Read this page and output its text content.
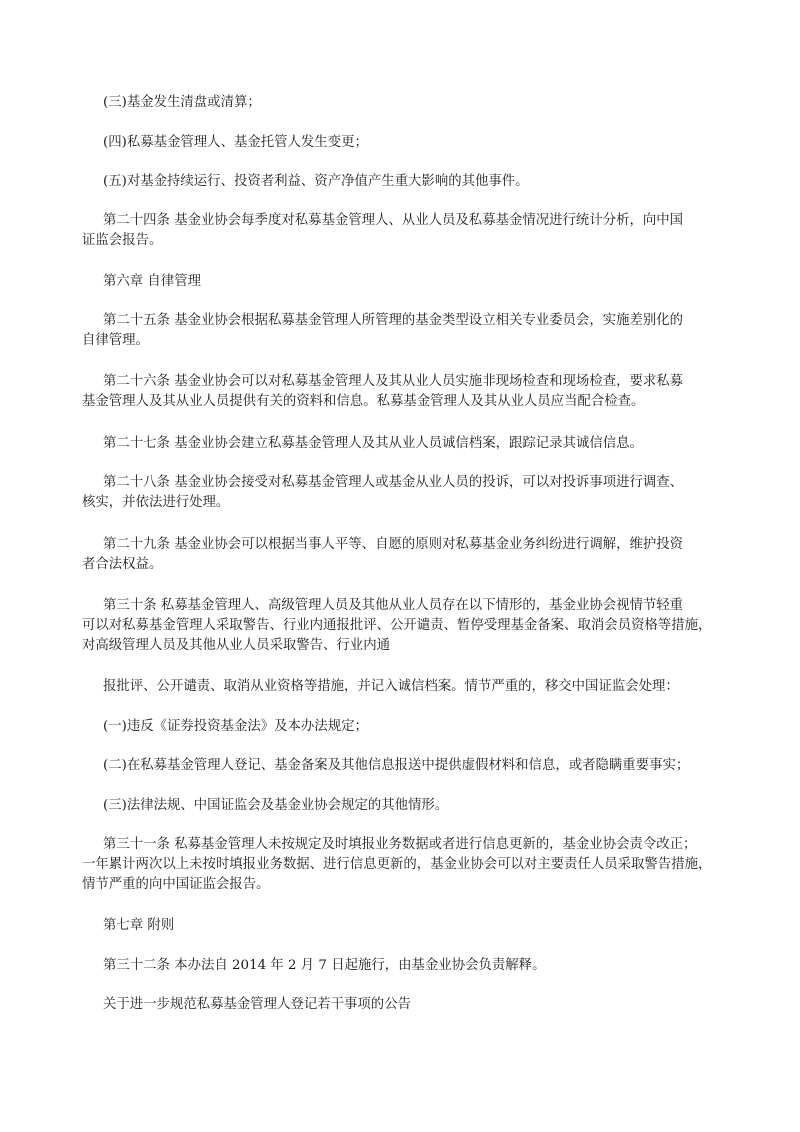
(三)基金发生清盘或清算；
(四)私募基金管理人、基金托管人发生变更；
(五)对基金持续运行、投资者利益、资产净值产生重大影响的其他事件。
第二十四条 基金业协会每季度对私募基金管理人、从业人员及私募基金情况进行统计分析，向中国
证监会报告。
第六章 自律管理
第二十五条 基金业协会根据私募基金管理人所管理的基金类型设立相关专业委员会，实施差别化的
自律管理。
第二十六条 基金业协会可以对私募基金管理人及其从业人员实施非现场检查和现场检查，要求私募
基金管理人及其从业人员提供有关的资料和信息。私募基金管理人及其从业人员应当配合检查。
第二十七条 基金业协会建立私募基金管理人及其从业人员诚信档案，跟踪记录其诚信信息。
第二十八条 基金业协会接受对私募基金管理人或基金从业人员的投诉，可以对投诉事项进行调查、
核实，并依法进行处理。
第二十九条 基金业协会可以根据当事人平等、自愿的原则对私募基金业务纠纷进行调解，维护投资
者合法权益。
第三十条 私募基金管理人、高级管理人员及其他从业人员存在以下情形的，基金业协会视情节轻重
可以对私募基金管理人采取警告、行业内通报批评、公开谴责、暂停受理基金备案、取消会员资格等措施，
对高级管理人员及其他从业人员采取警告、行业内通
报批评、公开谴责、取消从业资格等措施，并记入诚信档案。情节严重的，移交中国证监会处理：
(一)违反《证券投资基金法》及本办法规定；
(二)在私募基金管理人登记、基金备案及其他信息报送中提供虚假材料和信息，或者隐瞒重要事实；
(三)法律法规、中国证监会及基金业协会规定的其他情形。
第三十一条 私募基金管理人未按规定及时填报业务数据或者进行信息更新的，基金业协会责令改正；
一年累计两次以上未按时填报业务数据、进行信息更新的，基金业协会可以对主要责任人员采取警告措施，
情节严重的向中国证监会报告。
第七章 附则
第三十二条 本办法自 2014 年 2 月 7 日起施行，由基金业协会负责解释。
关于进一步规范私募基金管理人登记若干事项的公告
